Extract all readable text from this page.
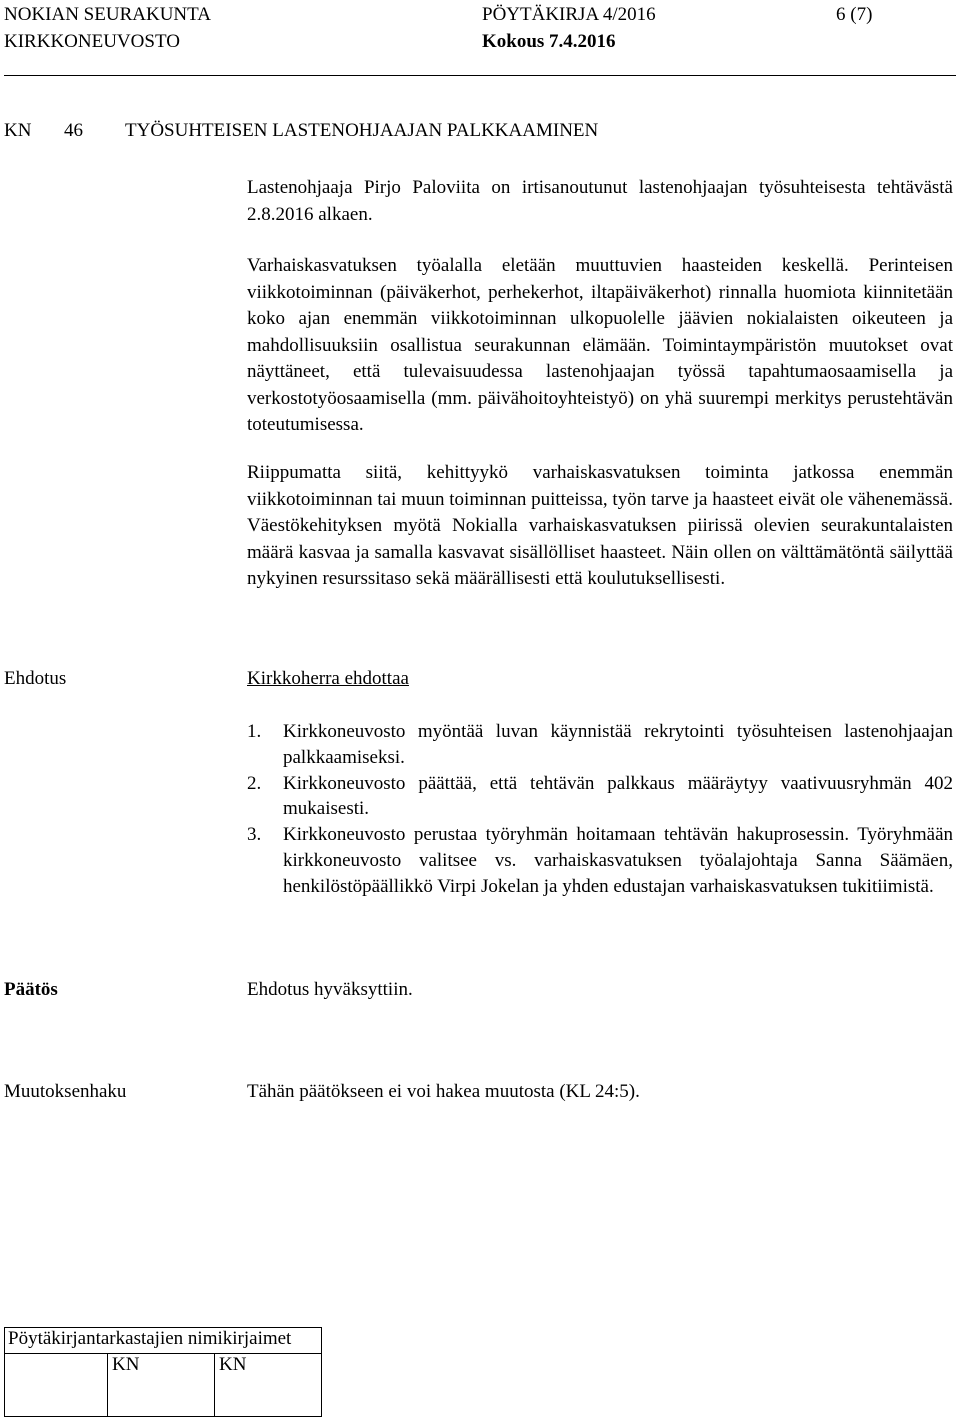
NOKIAN SEURAKUNTA
KIRKKONEUVOSTO
PÖYTÄKIRJA 4/2016
Kokous 7.4.2016
6 (7)
KN 46 TYÖSUHTEISEN LASTENOHJAAJAN PALKKAAMINEN

Lastenohjaaja Pirjo Paloviita on irtisanoutunut lastenohjaajan työsuhteisesta tehtävästä 2.8.2016 alkaen.

Varhaiskasvatuksen työalalla eletään muuttuvien haasteiden keskellä. Perinteisen viikkotoiminnan (päiväkerhot, perhekerhot, iltapäiväkerhot) rinnalla huomiota kiinnitetään koko ajan enemmän viikkotoiminnan ulkopuolelle jäävien nokialaisten oikeuteen ja mahdollisuuksiin osallistua seurakunnan elämään. Toimintaympäristön muutokset ovat näyttäneet, että tulevaisuudessa lastenohjaajan työssä tapahtumaosaamisella ja verkostotyöosaamisella (mm. päivähoitoyhteistyö) on yhä suurempi merkitys perustehtävän toteutumisessa.

Riippumatta siitä, kehittyykö varhaiskasvatuksen toiminta jatkossa enemmän viikkotoiminnan tai muun toiminnan puitteissa, työn tarve ja haasteet eivät ole vähenemässä. Väestökehityksen myötä Nokialla varhaiskasvatuksen piirissä olevien seurakuntalaisten määrä kasvaa ja samalla kasvavat sisällölliset haasteet. Näin ollen on välttämätöntä säilyttää nykyinen resurssitaso sekä määrällisesti että koulutuksellisesti.

Ehdotus	Kirkkoherra ehdottaa
1. Kirkkoneuvosto myöntää luvan käynnistää rekrytointi työsuhteisen lastenohjaajan palkkaamiseksi.
2. Kirkkoneuvosto päättää, että tehtävän palkkaus määräytyy vaativuusryhmän 402 mukaisesti.
3. Kirkkoneuvosto perustaa työryhmän hoitamaan tehtävän hakuprosessin. Työryhmään kirkkoneuvosto valitsee vs. varhaiskasvatuksen työalajohtaja Sanna Säämäen, henkilöstöpäällikkö Virpi Jokelan ja yhden edustajan varhaiskasvatuksen tukitiimistä.
Päätös	Ehdotus hyväksyttiin.
Muutoksenhaku	Tähän päätökseen ei voi hakea muutosta (KL 24:5).
Pöytäkirjantarkastajien nimikirjaimet
	KN	KN
